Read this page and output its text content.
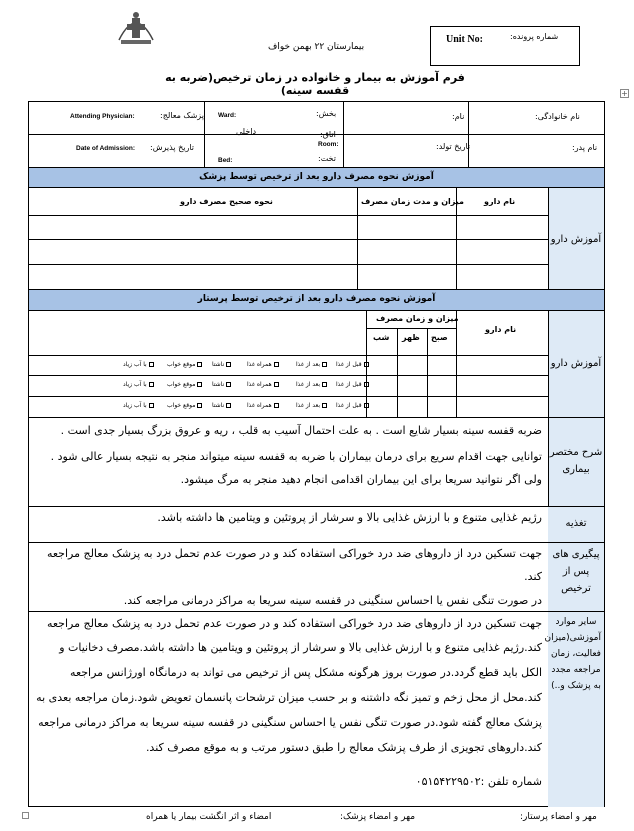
بیمارستان ۲۲ بهمن خواف
Unit No:	شماره پرونده:
فرم آموزش به بیمار و خانواده در زمان ترخیص(ضربه به قفسه سینه)	+
نام خانوادگی:
نام:
بخش:
Ward:
پزشک معالج:
Attending Physician:
نام پدر:
تاریخ تولد:
اتاق:
Room:
داخلی
تخت:
Bed:
تاریخ پذیرش:
Date of Admission:
آموزش نحوه مصرف دارو بعد از ترخیص توسط پزشک
آموزش دارو
نام دارو
میزان و مدت زمان مصرف
نحوه صحیح مصرف دارو
آموزش نحوه مصرف دارو بعد از ترخیص توسط پرستار
آموزش دارو
نام دارو
میزان و زمان مصرف
صبح
ظهر
شب
قبل از غذا
بعد از غذا
همراه غذا
ناشتا
موقع خواب
با آب زیاد
قبل از غذا
بعد از غذا
همراه غذا
ناشتا
موقع خواب
با آب زیاد
قبل از غذا
بعد از غذا
همراه غذا
ناشتا
موقع خواب
با آب زیاد
شرح مختصر بیماری
ضربه قفسه سینه بسیار شایع است . به علت احتمال آسیب به قلب ، ریه و عروق بزرگ بسیار جدی است .
توانایی جهت اقدام سریع برای درمان بیماران با ضربه به قفسه سینه میتواند منجر به نتیجه بسیار عالی شود .
ولی اگر نتوانید سریعا برای این بیماران اقدامی انجام دهید منجر به مرگ میشود.
تغذیه
رژیم غذایی متنوع و با ارزش غذایی بالا و سرشار از پروتئین و ویتامین ها داشته باشد.
پیگیری های پس از ترخیص
جهت تسکین درد از داروهای ضد درد خوراکی استفاده کند و در صورت عدم تحمل درد به پزشک معالج مراجعه
کند.
در صورت تنگی نفس یا احساس سنگینی در قفسه سینه سریعا به مراکز درمانی مراجعه کند.
سایر موارد آموزشی(میزان فعالیت، زمان مراجعه مجدد به پزشک و..)
جهت تسکین درد از داروهای ضد درد خوراکی استفاده کند و در صورت عدم تحمل درد به پزشک معالج مراجعه
کند.رژیم غذایی متنوع و با ارزش غذایی بالا و سرشار از پروتئین و ویتامین ها داشته باشد.مصرف دخانیات و
الکل باید قطع گردد.در صورت بروز هرگونه مشکل پس از ترخیص می تواند به درمانگاه اورژانس مراجعه
کند.محل از محل زخم و تمیز نگه داشتنه و بر حسب میزان ترشحات پانسمان تعویض شود.زمان مراجعه بعدی به
پزشک معالج گفته شود.در صورت تنگی نفس یا احساس سنگینی در قفسه سینه سریعا به مراکز درمانی مراجعه
کند.داروهای تجویزی از طرف پزشک معالج را طبق دستور مرتب و به موقع مصرف کند.
شماره تلفن :۰۵۱۵۴۲۲۹۵۰۲
مهر و امضاء پرستار:
مهر و امضاء پزشک:
امضاء و اثر انگشت بیمار یا همراه
